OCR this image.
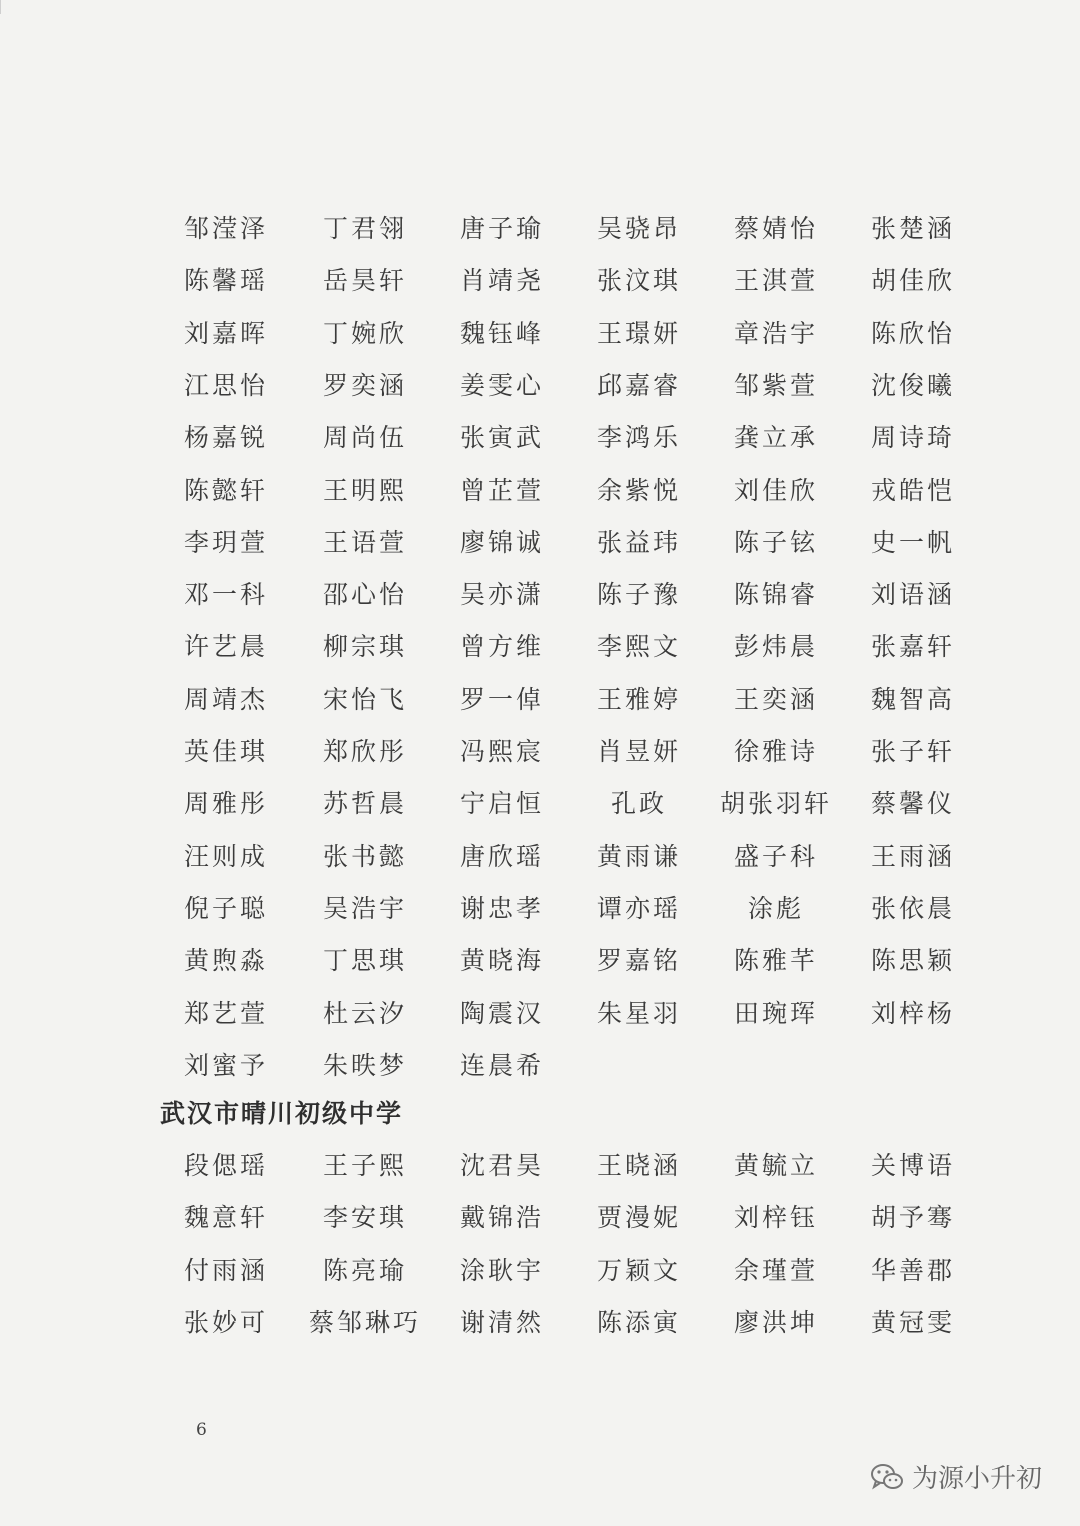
邹滢泽	丁君翎	唐子瑜	吴骁昂	蔡婧怡	张楚涵
陈馨瑶	岳昊轩	肖靖尧	张汶琪	王淇萱	胡佳欣
刘嘉晖	丁婉欣	魏钰峰	王璟妍	章浩宇	陈欣怡
江思怡	罗奕涵	姜雯心	邱嘉睿	邹紫萱	沈俊曦
杨嘉锐	周尚伍	张寅武	李鸿乐	龚立承	周诗琦
陈懿轩	王明熙	曾芷萱	余紫悦	刘佳欣	戎皓恺
李玥萱	王语萱	廖锦诚	张益玮	陈子铉	史一帆
邓一科	邵心怡	吴亦潇	陈子豫	陈锦睿	刘语涵
许艺晨	柳宗琪	曾方维	李熙文	彭炜晨	张嘉轩
周靖杰	宋怡飞	罗一倬	王雅婷	王奕涵	魏智高
英佳琪	郑欣彤	冯熙宸	肖昱妍	徐雅诗	张子轩
周雅彤	苏哲晨	宁启恒	孔政	胡张羽轩	蔡馨仪
汪则成	张书懿	唐欣瑶	黄雨谦	盛子科	王雨涵
倪子聪	吴浩宇	谢忠孝	谭亦瑶	涂彪	张依晨
黄煦淼	丁思琪	黄晓海	罗嘉铭	陈雅芊	陈思颖
郑艺萱	杜云汐	陶震汉	朱星羽	田琬珲	刘梓杨
刘蜜予	朱昳梦	连晨希
武汉市晴川初级中学
段偲瑶	王子熙	沈君昊	王晓涵	黄毓立	关博语
魏意轩	李安琪	戴锦浩	贾漫妮	刘梓钰	胡予骞
付雨涵	陈亮瑜	涂耿宇	万颖文	余瑾萱	华善郡
张妙可	蔡邹琳巧	谢清然	陈添寅	廖洪坤	黄冠雯
6
为源小升初
